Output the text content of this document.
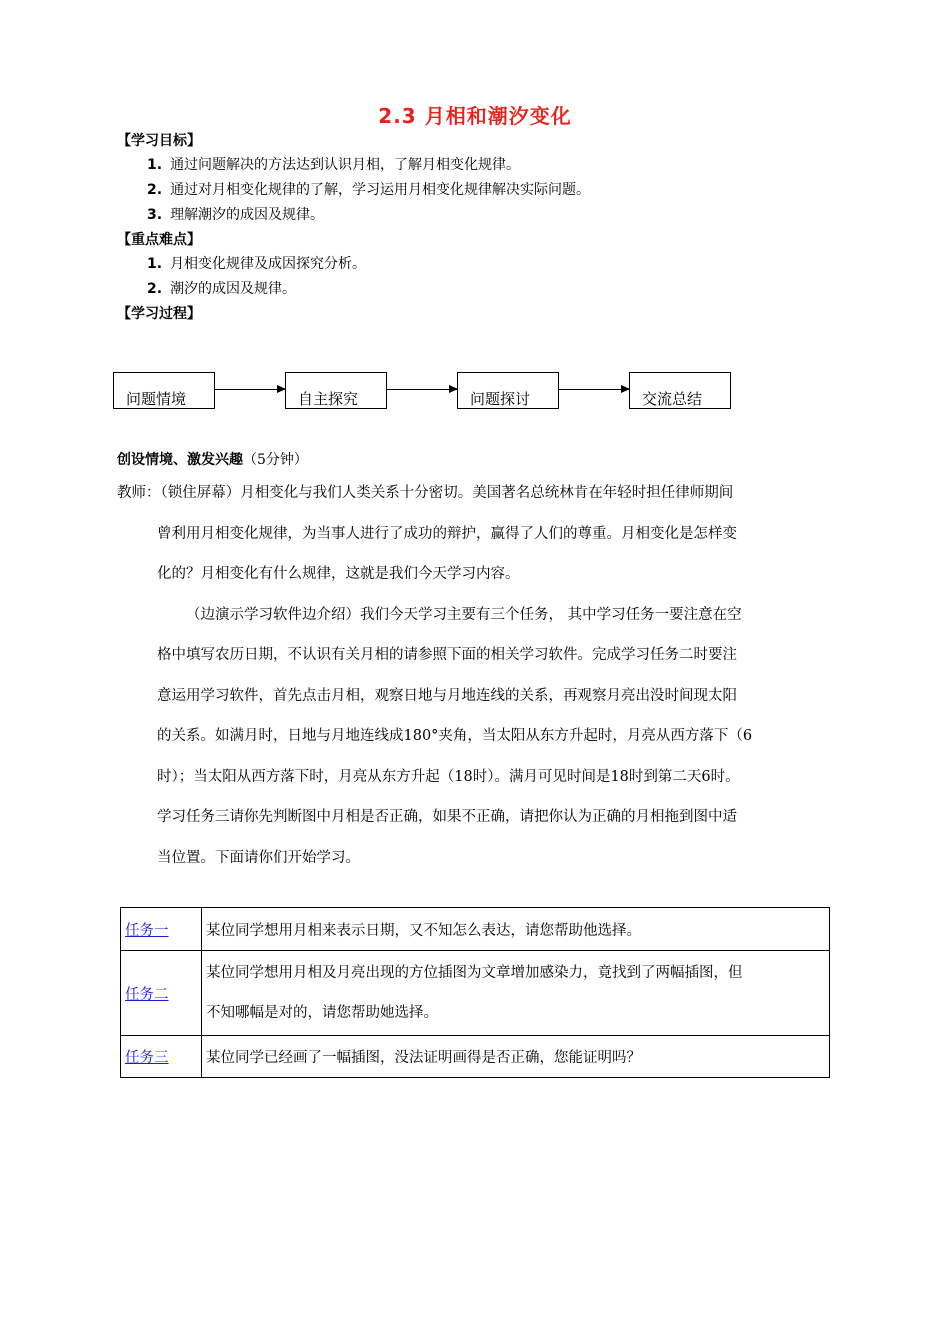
2.3 月相和潮汐变化
【学习目标】
1. 通过问题解决的方法达到认识月相，了解月相变化规律。
2. 通过对月相变化规律的了解，学习运用月相变化规律解决实际问题。
3. 理解潮汐的成因及规律。
【重点难点】
1. 月相变化规律及成因探究分析。
2. 潮汐的成因及规律。
【学习过程】
问题情境	自主探究	问题探讨	交流总结
创设情境、激发兴趣（5分钟）
教师：（锁住屏幕）月相变化与我们人类关系十分密切。美国著名总统林肯在年轻时担任律师期间
曾利用月相变化规律，为当事人进行了成功的辩护，赢得了人们的尊重。月相变化是怎样变
化的？月相变化有什么规律，这就是我们今天学习内容。
（边演示学习软件边介绍）我们今天学习主要有三个任务， 其中学习任务一要注意在空
格中填写农历日期，不认识有关月相的请参照下面的相关学习软件。完成学习任务二时要注
意运用学习软件，首先点击月相，观察日地与月地连线的关系，再观察月亮出没时间现太阳
的关系。如满月时，日地与月地连线成180°夹角，当太阳从东方升起时，月亮从西方落下（6
时）；当太阳从西方落下时，月亮从东方升起（18时）。满月可见时间是18时到第二天6时。
学习任务三请你先判断图中月相是否正确，如果不正确，请把你认为正确的月相拖到图中适
当位置。下面请你们开始学习。
任务一	某位同学想用月相来表示日期，又不知怎么表达，请您帮助他选择。
任务二	某位同学想用月相及月亮出现的方位插图为文章增加感染力，竟找到了两幅插图，但
不知哪幅是对的，请您帮助她选择。

任务三	某位同学已经画了一幅插图，没法证明画得是否正确，您能证明吗？
